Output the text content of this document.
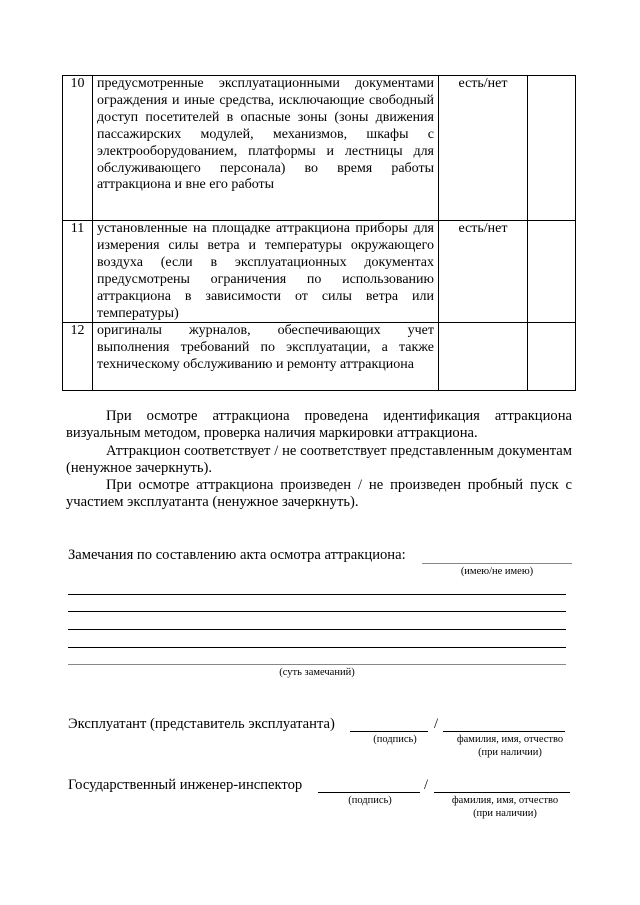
10	предусмотренные эксплуатационными документами ограждения и иные средства, исключающие свободный доступ посетителей в опасные зоны (зоны движения пассажирских модулей, механизмов, шкафы с электрооборудованием, платформы и лестницы для обслуживающего персонала) во время работы аттракциона и вне его работы	есть/нет	
11	установленные на площадке аттракциона приборы для измерения силы ветра и температуры окружающего воздуха (если в эксплуатационных документах предусмотрены ограничения по использованию аттракциона в зависимости от силы ветра или температуры)	есть/нет	
12	оригиналы журналов, обеспечивающих учет выполнения требований по эксплуатации, а также техническому обслуживанию и ремонту аттракциона		

При осмотре аттракциона проведена идентификация аттракциона визуальным методом, проверка наличия маркировки аттракциона.

Аттракцион соответствует / не соответствует представленным документам (ненужное зачеркнуть).

При осмотре аттракциона произведен / не произведен пробный пуск с участием эксплуатанта (ненужное зачеркнуть).

Замечания по составлению акта осмотра аттракциона:
(имею/не имею)
(суть замечаний)
Эксплуатант (представитель эксплуатанта)	/
(подпись)	фамилия, имя, отчество
(при наличии)
Государственный инженер-инспектор	/
(подпись)	фамилия, имя, отчество
(при наличии)
